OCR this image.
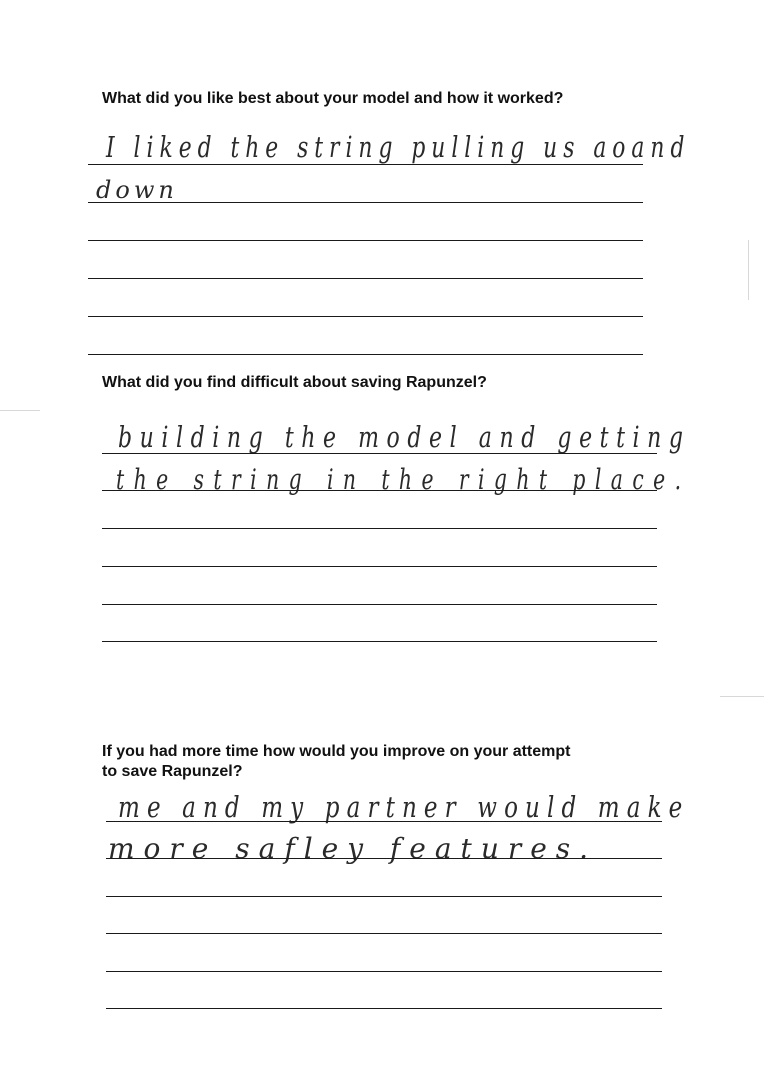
What did you like best about your model and how it worked?

I liked the string pulling us aoand
down

What did you find difficult about saving Rapunzel?

building the model and getting
the string in the right place.

If you had more time how would you improve on your attempt
to save Rapunzel?

me and my partner would make
more safley features.
